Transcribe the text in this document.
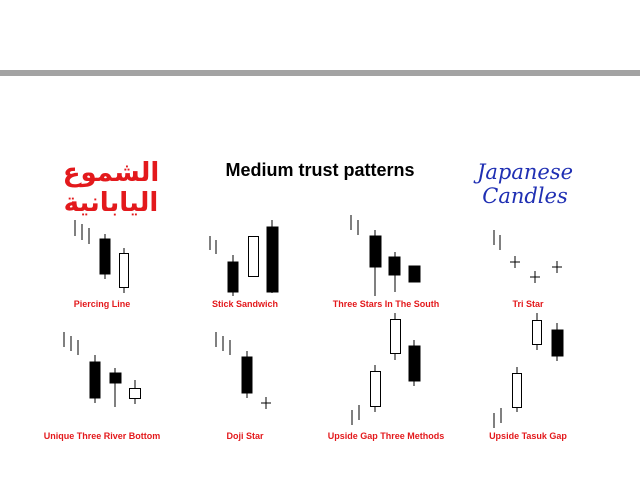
الشموع اليابانية
Medium trust patterns	Japanese Candles
Piercing Line	Stick Sandwich	Three Stars In The South	Tri Star
Unique Three River Bottom	Doji Star	Upside Gap Three Methods	Upside Tasuk Gap
